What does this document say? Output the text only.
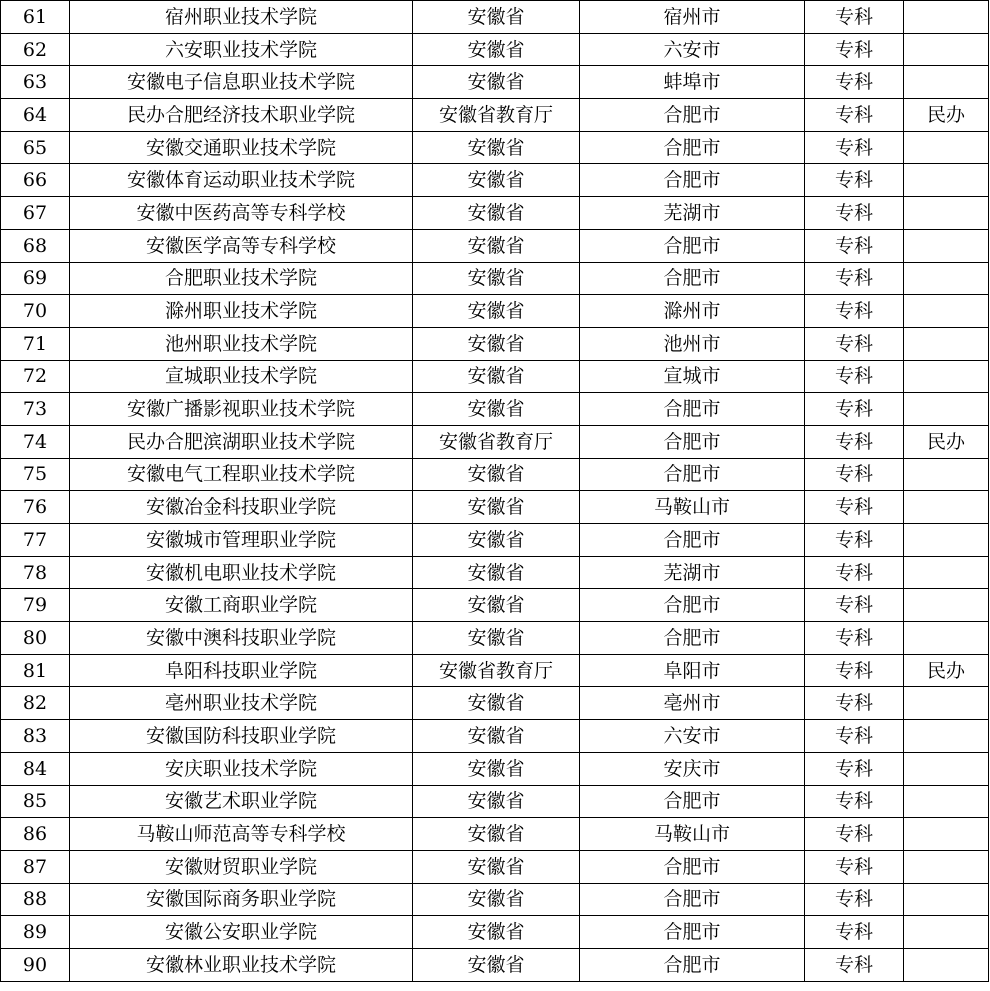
61	宿州职业技术学院	安徽省	宿州市	专科	
62	六安职业技术学院	安徽省	六安市	专科	
63	安徽电子信息职业技术学院	安徽省	蚌埠市	专科	
64	民办合肥经济技术职业学院	安徽省教育厅	合肥市	专科	民办
65	安徽交通职业技术学院	安徽省	合肥市	专科	
66	安徽体育运动职业技术学院	安徽省	合肥市	专科	
67	安徽中医药高等专科学校	安徽省	芜湖市	专科	
68	安徽医学高等专科学校	安徽省	合肥市	专科	
69	合肥职业技术学院	安徽省	合肥市	专科	
70	滁州职业技术学院	安徽省	滁州市	专科	
71	池州职业技术学院	安徽省	池州市	专科	
72	宣城职业技术学院	安徽省	宣城市	专科	
73	安徽广播影视职业技术学院	安徽省	合肥市	专科	
74	民办合肥滨湖职业技术学院	安徽省教育厅	合肥市	专科	民办
75	安徽电气工程职业技术学院	安徽省	合肥市	专科	
76	安徽冶金科技职业学院	安徽省	马鞍山市	专科	
77	安徽城市管理职业学院	安徽省	合肥市	专科	
78	安徽机电职业技术学院	安徽省	芜湖市	专科	
79	安徽工商职业学院	安徽省	合肥市	专科	
80	安徽中澳科技职业学院	安徽省	合肥市	专科	
81	阜阳科技职业学院	安徽省教育厅	阜阳市	专科	民办
82	亳州职业技术学院	安徽省	亳州市	专科	
83	安徽国防科技职业学院	安徽省	六安市	专科	
84	安庆职业技术学院	安徽省	安庆市	专科	
85	安徽艺术职业学院	安徽省	合肥市	专科	
86	马鞍山师范高等专科学校	安徽省	马鞍山市	专科	
87	安徽财贸职业学院	安徽省	合肥市	专科	
88	安徽国际商务职业学院	安徽省	合肥市	专科	
89	安徽公安职业学院	安徽省	合肥市	专科	
90	安徽林业职业技术学院	安徽省	合肥市	专科	
